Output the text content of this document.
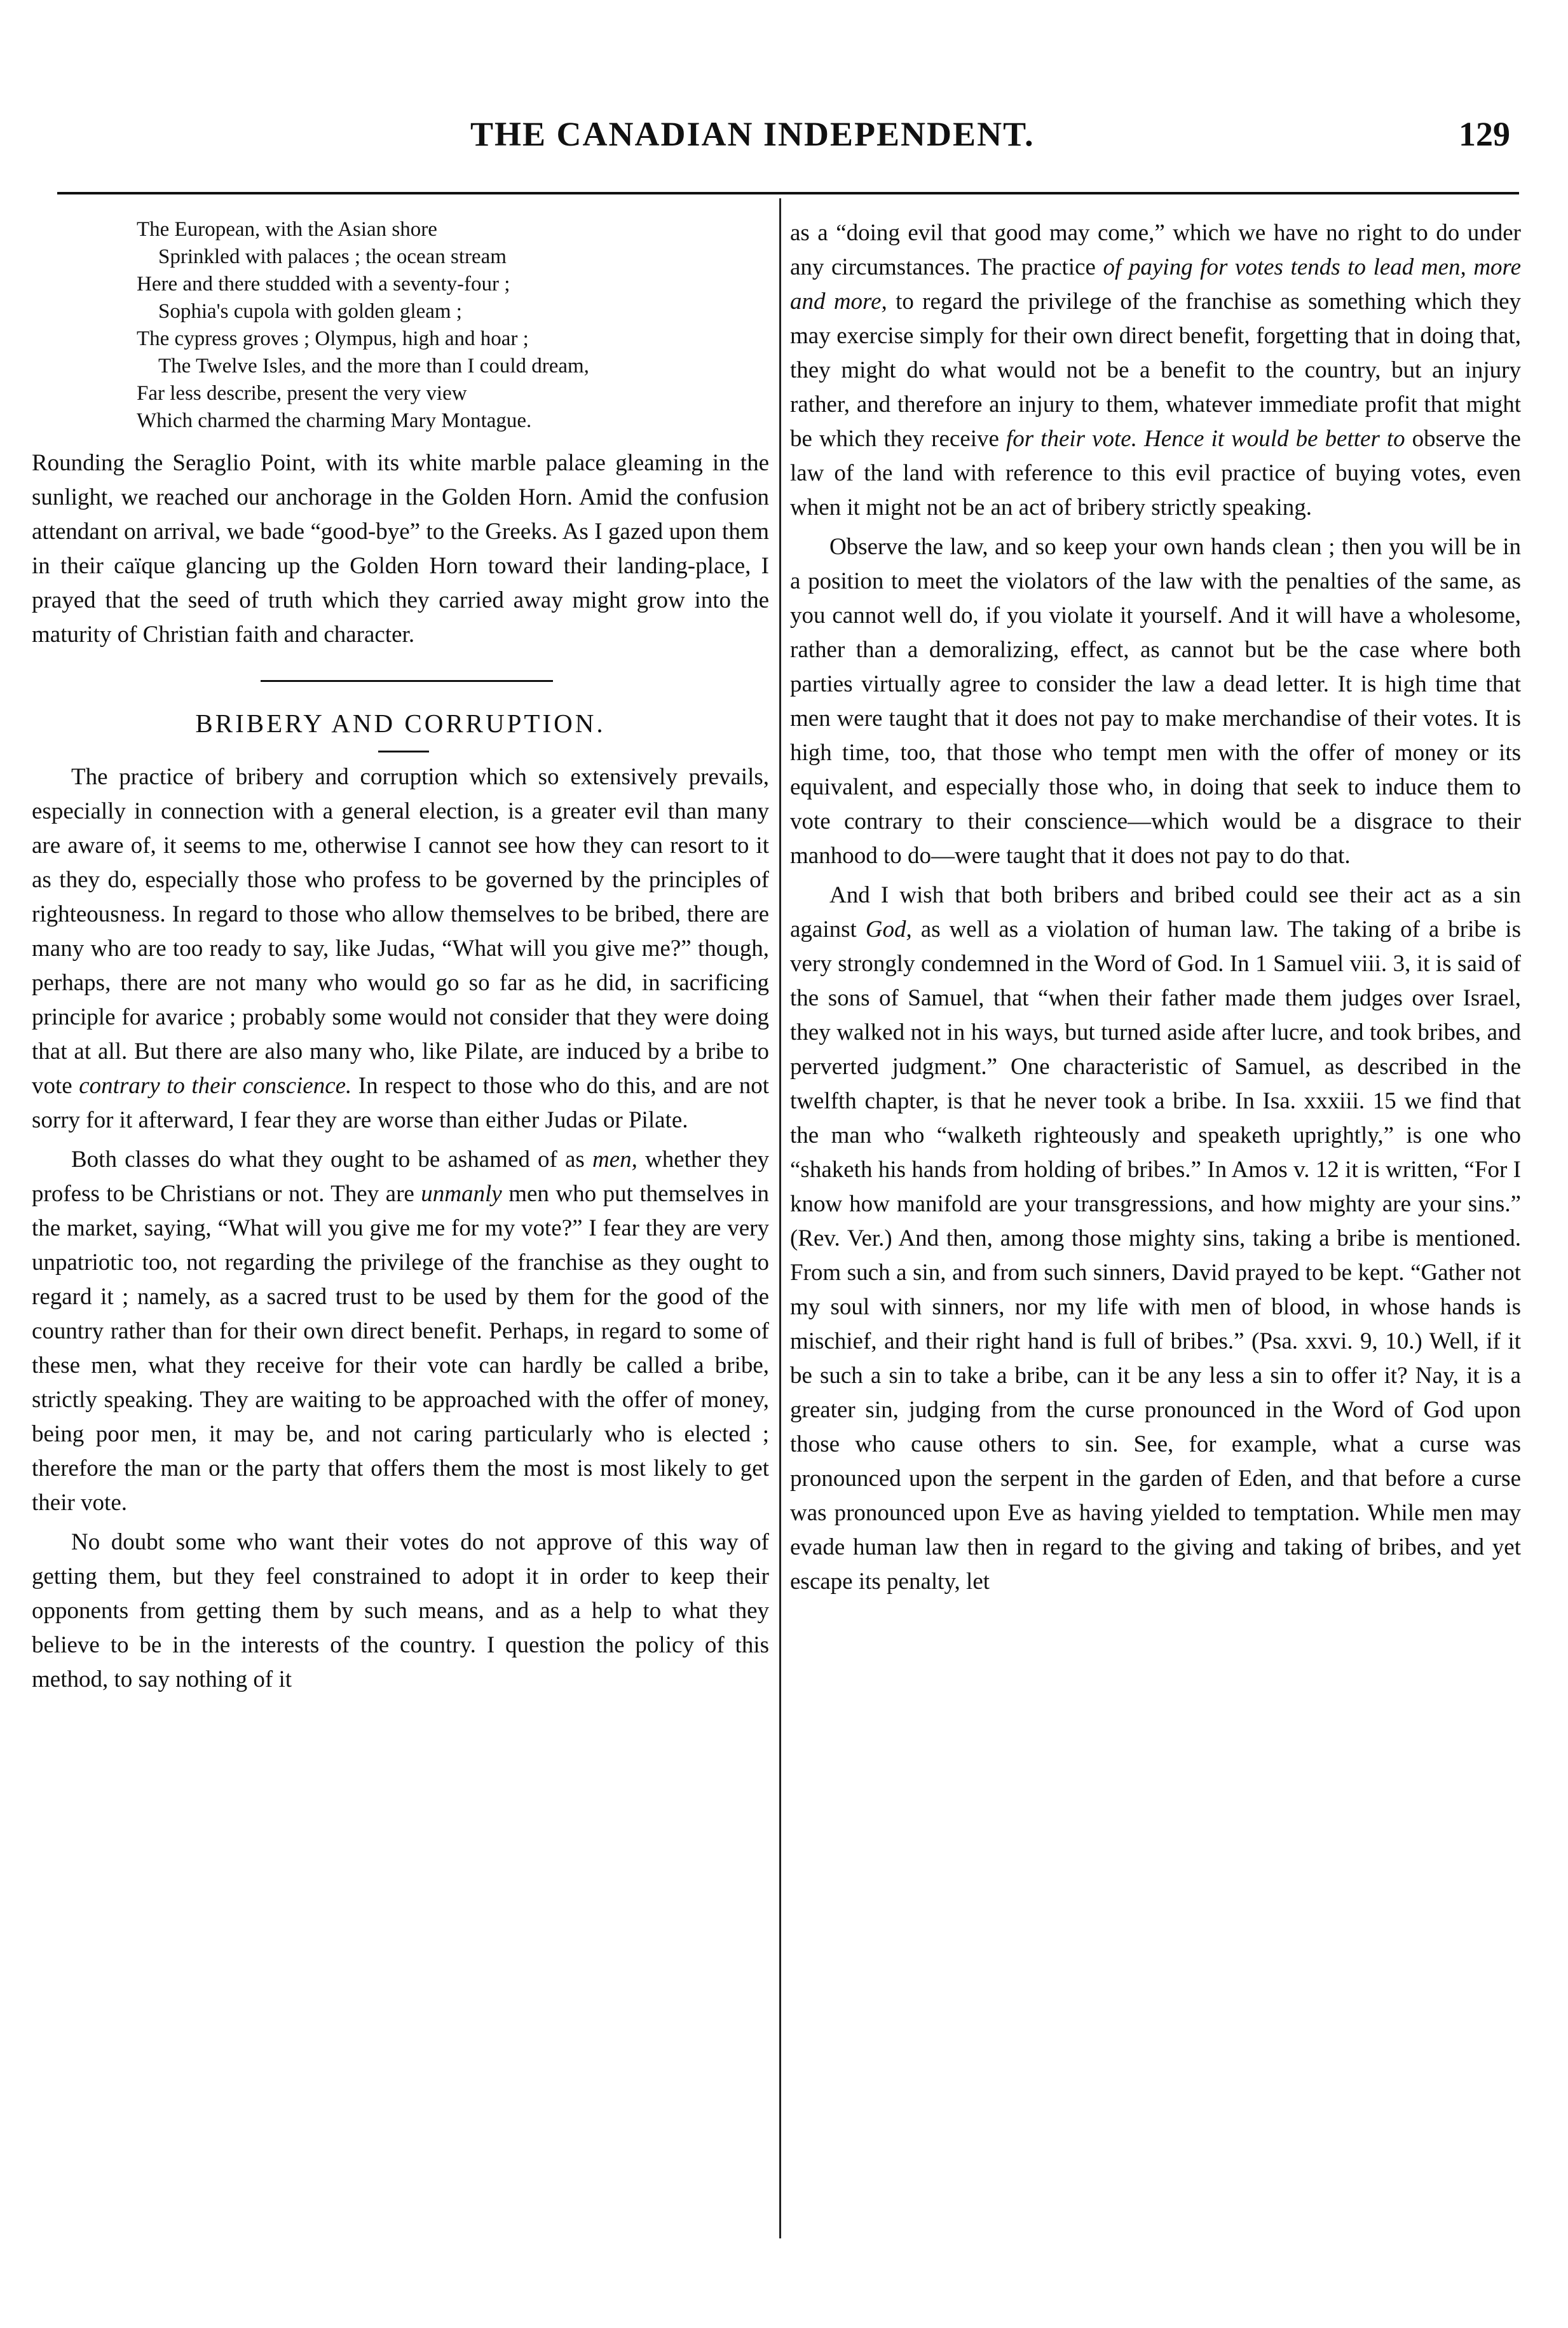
THE CANADIAN INDEPENDENT.	129
The European, with the Asian shore
Sprinkled with palaces ; the ocean stream
Here and there studded with a seventy-four ;
Sophia's cupola with golden gleam ;
The cypress groves ; Olympus, high and hoar ;
The Twelve Isles, and the more than I could dream,
Far less describe, present the very view
Which charmed the charming Mary Montague.

Rounding the Seraglio Point, with its white marble palace gleaming in the sunlight, we reached our anchorage in the Golden Horn. Amid the confusion attendant on arrival, we bade “good-bye” to the Greeks. As I gazed upon them in their caïque glancing up the Golden Horn toward their landing-place, I prayed that the seed of truth which they carried away might grow into the maturity of Christian faith and character.

BRIBERY AND CORRUPTION.

The practice of bribery and corruption which so extensively prevails, especially in connection with a general election, is a greater evil than many are aware of, it seems to me, otherwise I cannot see how they can resort to it as they do, especially those who profess to be governed by the principles of righteousness. In regard to those who allow themselves to be bribed, there are many who are too ready to say, like Judas, “What will you give me?” though, perhaps, there are not many who would go so far as he did, in sacrificing principle for avarice ; probably some would not consider that they were doing that at all. But there are also many who, like Pilate, are induced by a bribe to vote contrary to their conscience. In respect to those who do this, and are not sorry for it afterward, I fear they are worse than either Judas or Pilate.

Both classes do what they ought to be ashamed of as men, whether they profess to be Christians or not. They are unmanly men who put themselves in the market, saying, “What will you give me for my vote?” I fear they are very unpatriotic too, not regarding the privilege of the franchise as they ought to regard it ; namely, as a sacred trust to be used by them for the good of the country rather than for their own direct benefit. Perhaps, in regard to some of these men, what they receive for their vote can hardly be called a bribe, strictly speaking. They are waiting to be approached with the offer of money, being poor men, it may be, and not caring particularly who is elected ; therefore the man or the party that offers them the most is most likely to get their vote.

No doubt some who want their votes do not approve of this way of getting them, but they feel constrained to adopt it in order to keep their opponents from getting them by such means, and as a help to what they believe to be in the interests of the country. I question the policy of this method, to say nothing of it

as a “doing evil that good may come,” which we have no right to do under any circumstances. The practice of paying for votes tends to lead men, more and more, to regard the privilege of the franchise as something which they may exercise simply for their own direct benefit, forgetting that in doing that, they might do what would not be a benefit to the country, but an injury rather, and therefore an injury to them, whatever immediate profit that might be which they receive for their vote. Hence it would be better to observe the law of the land with reference to this evil practice of buying votes, even when it might not be an act of bribery strictly speaking.

Observe the law, and so keep your own hands clean ; then you will be in a position to meet the violators of the law with the penalties of the same, as you cannot well do, if you violate it yourself. And it will have a wholesome, rather than a demoralizing, effect, as cannot but be the case where both parties virtually agree to consider the law a dead letter. It is high time that men were taught that it does not pay to make merchandise of their votes. It is high time, too, that those who tempt men with the offer of money or its equivalent, and especially those who, in doing that seek to induce them to vote contrary to their conscience—which would be a disgrace to their manhood to do—were taught that it does not pay to do that.

And I wish that both bribers and bribed could see their act as a sin against God, as well as a violation of human law. The taking of a bribe is very strongly condemned in the Word of God. In 1 Samuel viii. 3, it is said of the sons of Samuel, that “when their father made them judges over Israel, they walked not in his ways, but turned aside after lucre, and took bribes, and perverted judgment.” One characteristic of Samuel, as described in the twelfth chapter, is that he never took a bribe. In Isa. xxxiii. 15 we find that the man who “walketh righteously and speaketh uprightly,” is one who “shaketh his hands from holding of bribes.” In Amos v. 12 it is written, “For I know how manifold are your transgressions, and how mighty are your sins.” (Rev. Ver.) And then, among those mighty sins, taking a bribe is mentioned. From such a sin, and from such sinners, David prayed to be kept. “Gather not my soul with sinners, nor my life with men of blood, in whose hands is mischief, and their right hand is full of bribes.” (Psa. xxvi. 9, 10.) Well, if it be such a sin to take a bribe, can it be any less a sin to offer it? Nay, it is a greater sin, judging from the curse pronounced in the Word of God upon those who cause others to sin. See, for example, what a curse was pronounced upon the serpent in the garden of Eden, and that before a curse was pronounced upon Eve as having yielded to temptation. While men may evade human law then in regard to the giving and taking of bribes, and yet escape its penalty, let
